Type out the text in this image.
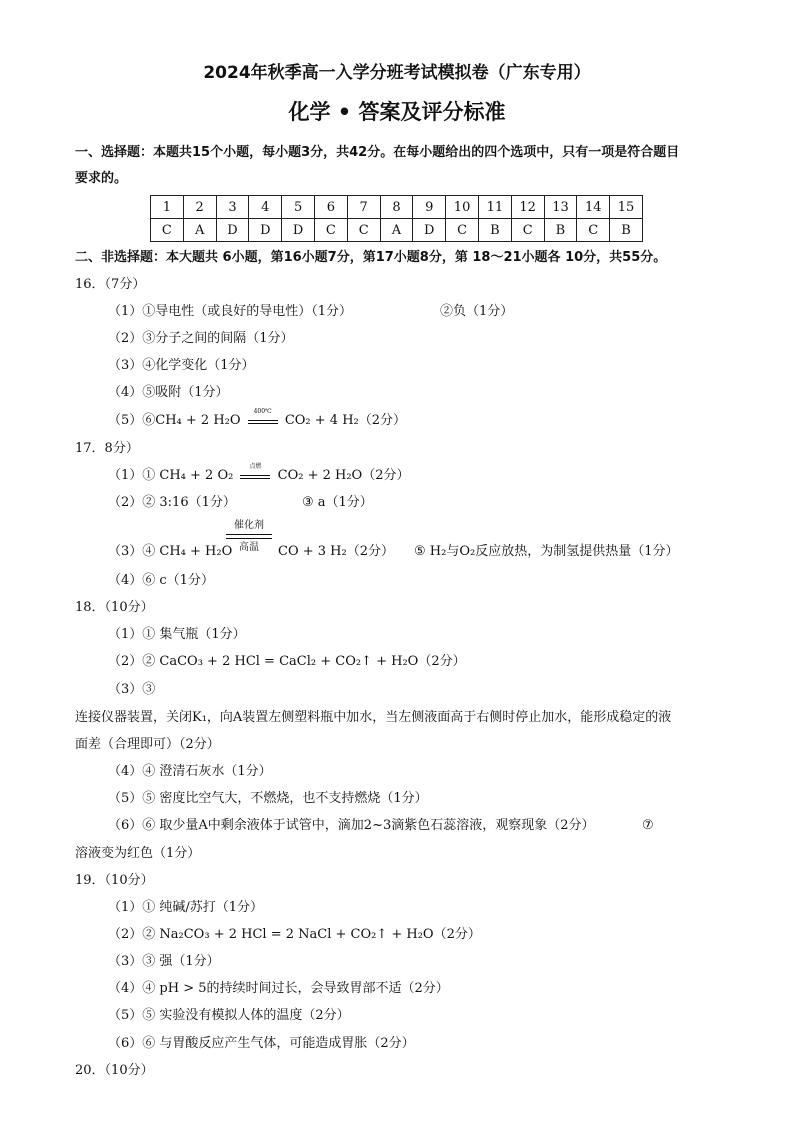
2024年秋季高一入学分班考试模拟卷（广东专用）
化学 • 答案及评分标准
一、选择题：本题共15个小题，每小题3分，共42分。在每小题给出的四个选项中，只有一项是符合题目
要求的。
1	2	3	4	5	6	7	8	9	10	11	12	13	14	15
C	A	D	D	D	C	C	A	D	C	B	C	B	C	B
二、非选择题：本大题共 6小题，第16小题7分，第17小题8分，第 18～21小题各 10分，共55分。
16．（7分）
（1）①导电性（或良好的导电性）（1分）	②负（1分）
（2）③分子之间的间隔（1分）
（3）④化学变化（1分）
（4）⑤吸附（1分）
（5）⑥CH₄ + 2 H₂O
400℃
CO₂ + 4 H₂（2分）
17．8分）
（1）① CH₄ + 2 O₂
点燃
CO₂ + 2 H₂O（2分）
（2）② 3:16（1分）	③ a（1分）
催化剂
高温
（3）④ CH₄ + H₂O	CO + 3 H₂（2分） ⑤ H₂与O₂反应放热，为制氢提供热量（1分）
（4）⑥ c（1分）
18．（10分）
（1）① 集气瓶（1分）
（2）② CaCO₃ + 2 HCl = CaCl₂ + CO₂↑ + H₂O（2分）
（3）③
连接仪器装置，关闭K₁，向A装置左侧塑料瓶中加水，当左侧液面高于右侧时停止加水，能形成稳定的液
面差（合理即可）（2分）
（4）④ 澄清石灰水（1分）
（5）⑤ 密度比空气大，不燃烧，也不支持燃烧（1分）
（6）⑥ 取少量A中剩余液体于试管中，滴加2~3滴紫色石蕊溶液，观察现象（2分）	⑦
溶液变为红色（1分）
19．（10分）
（1）① 纯碱/苏打（1分）
（2）② Na₂CO₃ + 2 HCl = 2 NaCl + CO₂↑ + H₂O（2分）
（3）③ 强（1分）
（4）④ pH > 5的持续时间过长，会导致胃部不适（2分）
（5）⑤ 实验没有模拟人体的温度（2分）
（6）⑥ 与胃酸反应产生气体，可能造成胃胀（2分）
20．（10分）
